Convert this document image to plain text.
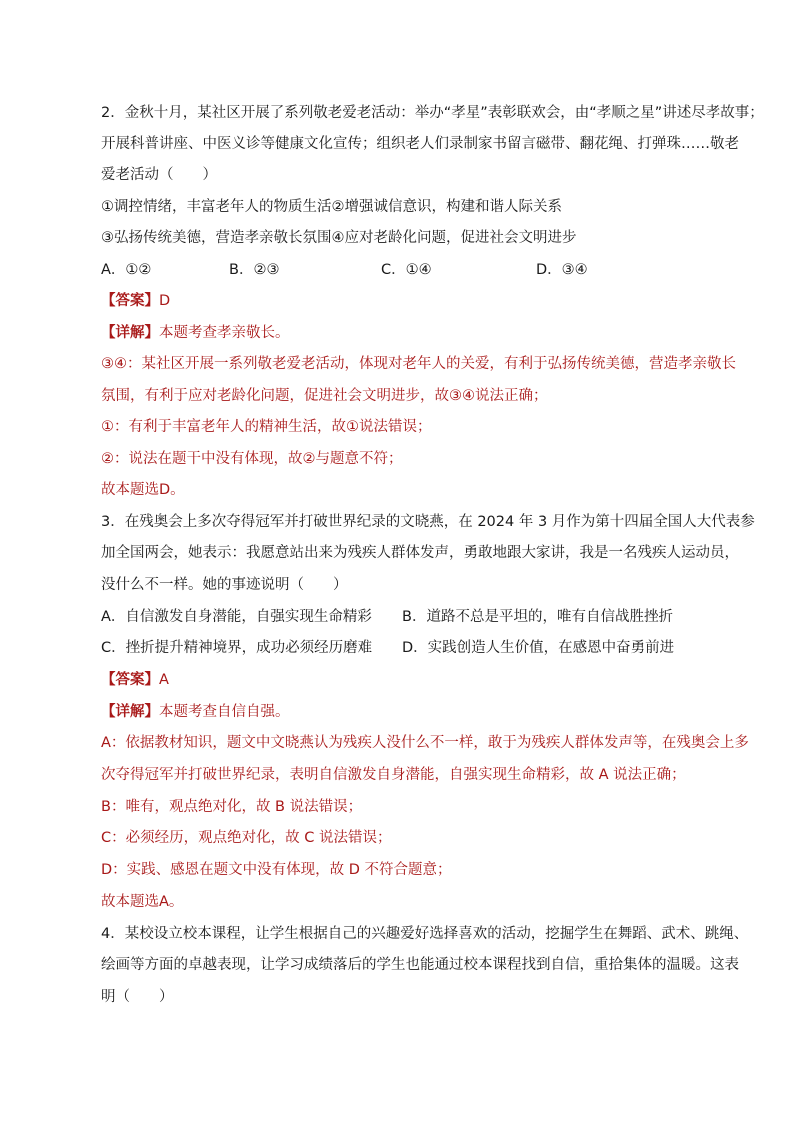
2．金秋十月，某社区开展了系列敬老爱老活动：举办“孝星”表彰联欢会，由“孝顺之星”讲述尽孝故事；
开展科普讲座、中医义诊等健康文化宣传；组织老人们录制家书留言磁带、翻花绳、打弹珠……敬老
爱老活动（　　）
①调控情绪，丰富老年人的物质生活②增强诚信意识，构建和谐人际关系
③弘扬传统美德，营造孝亲敬长氛围④应对老龄化问题，促进社会文明进步
A．①②	B．②③	C．①④	D．③④
【答案】D
【详解】本题考查孝亲敬长。
③④：某社区开展一系列敬老爱老活动，体现对老年人的关爱，有利于弘扬传统美德，营造孝亲敬长
氛围，有利于应对老龄化问题，促进社会文明进步，故③④说法正确；
①：有利于丰富老年人的精神生活，故①说法错误；
②：说法在题干中没有体现，故②与题意不符；
故本题选D。
3．在残奥会上多次夺得冠军并打破世界纪录的文晓燕，在 2024 年 3 月作为第十四届全国人大代表参
加全国两会，她表示：我愿意站出来为残疾人群体发声，勇敢地跟大家讲，我是一名残疾人运动员，
没什么不一样。她的事迹说明（　　）
A．自信激发自身潜能，自强实现生命精彩 B．道路不总是平坦的，唯有自信战胜挫折
C．挫折提升精神境界，成功必须经历磨难 D．实践创造人生价值，在感恩中奋勇前进
【答案】A
【详解】本题考查自信自强。
A：依据教材知识，题文中文晓燕认为残疾人没什么不一样，敢于为残疾人群体发声等，在残奥会上多
次夺得冠军并打破世界纪录，表明自信激发自身潜能，自强实现生命精彩，故 A 说法正确；
B：唯有，观点绝对化，故 B 说法错误；
C：必须经历，观点绝对化，故 C 说法错误；
D：实践、感恩在题文中没有体现，故 D 不符合题意；
故本题选A。
4．某校设立校本课程，让学生根据自己的兴趣爱好选择喜欢的活动，挖掘学生在舞蹈、武术、跳绳、
绘画等方面的卓越表现，让学习成绩落后的学生也能通过校本课程找到自信，重拾集体的温暖。这表
明（　　）
